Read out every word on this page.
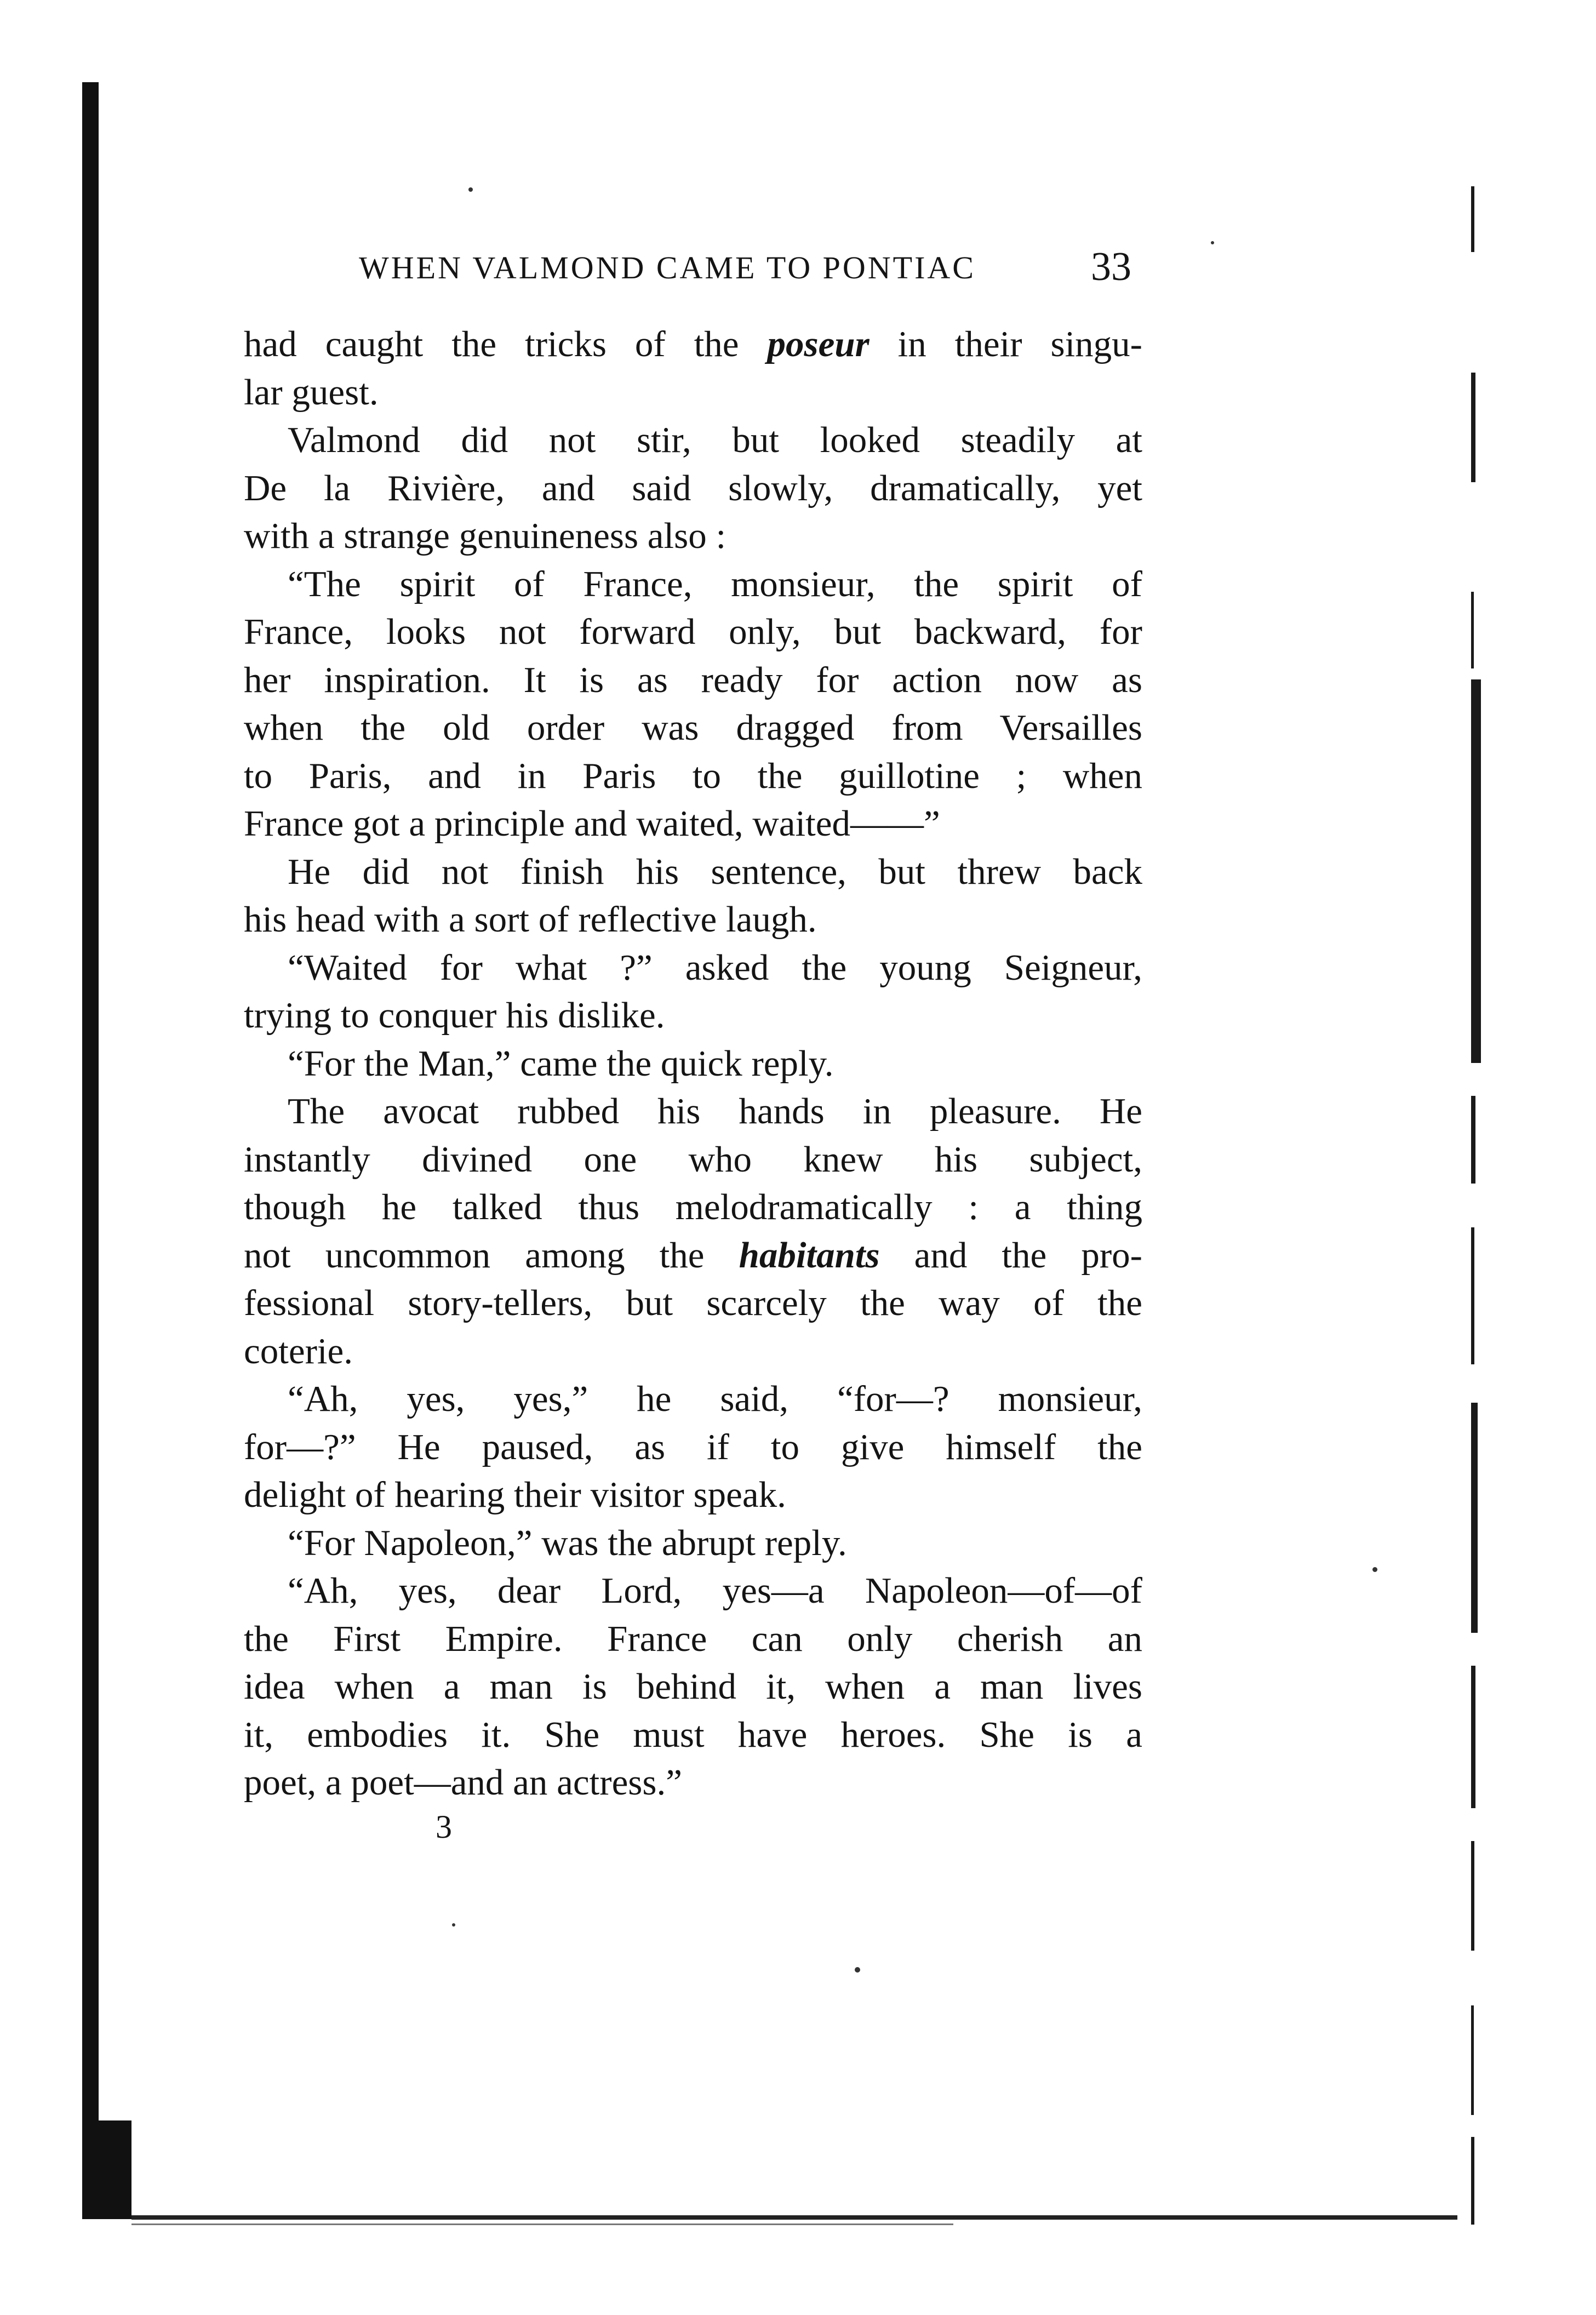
WHEN VALMOND CAME TO PONTIAC	33
had caught the tricks of the poseur in their singu-
lar guest.
Valmond did not stir, but looked steadily at
De la Rivière, and said slowly, dramatically, yet
with a strange genuineness also :
“The spirit of France, monsieur, the spirit of
France, looks not forward only, but backward, for
her inspiration. It is as ready for action now as
when the old order was dragged from Versailles
to Paris, and in Paris to the guillotine ; when
France got a principle and waited, waited——”
He did not finish his sentence, but threw back
his head with a sort of reflective laugh.
“Waited for what ?” asked the young Seigneur,
trying to conquer his dislike.
“For the Man,” came the quick reply.
The avocat rubbed his hands in pleasure. He
instantly divined one who knew his subject,
though he talked thus melodramatically : a thing
not uncommon among the habitants and the pro-
fessional story-tellers, but scarcely the way of the
coterie.
“Ah, yes, yes,” he said, “for—? monsieur,
for—?” He paused, as if to give himself the
delight of hearing their visitor speak.
“For Napoleon,” was the abrupt reply.
“Ah, yes, dear Lord, yes—a Napoleon—of—of
the First Empire. France can only cherish an
idea when a man is behind it, when a man lives
it, embodies it. She must have heroes. She is a
poet, a poet—and an actress.”
3
